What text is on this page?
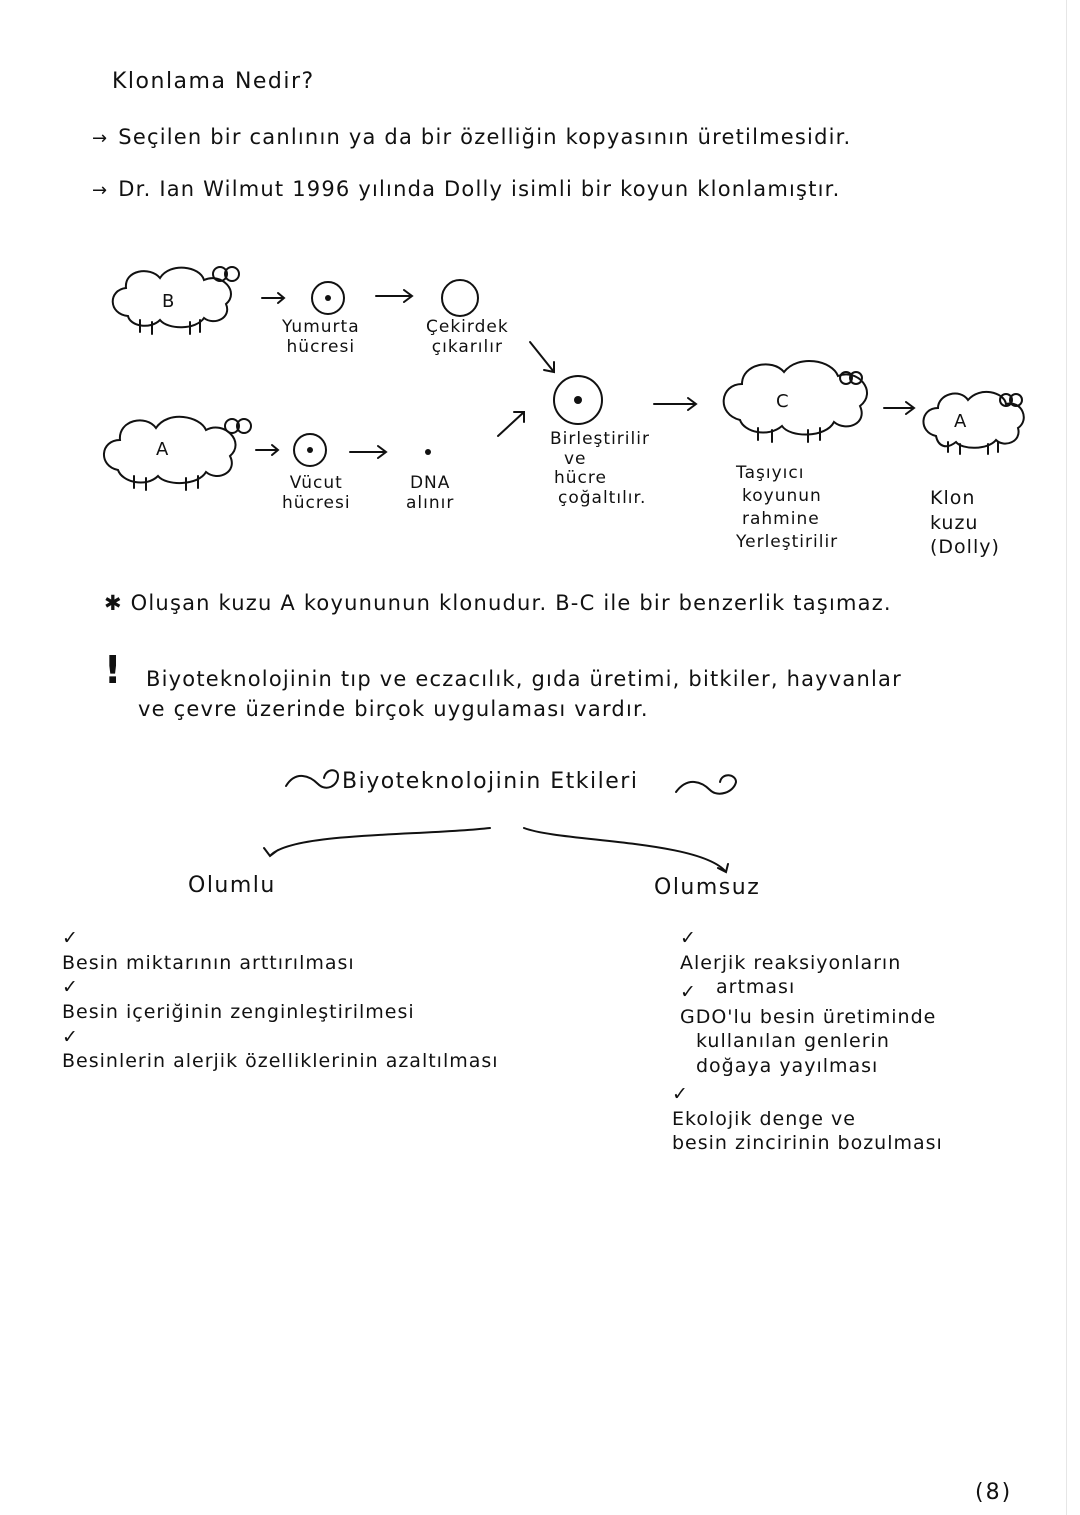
Klonlama Nedir?
→ Seçilen bir canlının ya da bir özelliğin kopyasının üretilmesidir.
→ Dr. Ian Wilmut 1996 yılında Dolly isimli bir koyun klonlamıştır.
B
A
C
A
Yumurta
hücresi
Çekirdek
çıkarılır
Vücut
hücresi
DNA
alınır
Birleştirilir
ve
hücre
çoğaltılır.
Taşıyıcı
koyunun
rahmine
Yerleştirilir
Klon
kuzu
(Dolly)
✱ Oluşan kuzu A koyununun klonudur. B-C ile bir benzerlik taşımaz.
! Biyoteknolojinin tıp ve eczacılık, gıda üretimi, bitkiler, hayvanlar
ve çevre üzerinde birçok uygulaması vardır.
Biyoteknolojinin Etkileri
Olumlu
✓
Besin miktarının arttırılması
✓
Besin içeriğinin zenginleştirilmesi
✓
Besinlerin alerjik özelliklerinin azaltılması
Olumsuz
✓
Alerjik reaksiyonların
artması
✓
GDO'lu besin üretiminde
kullanılan genlerin
doğaya yayılması
✓
Ekolojik denge ve
besin zincirinin bozulması
(8)
